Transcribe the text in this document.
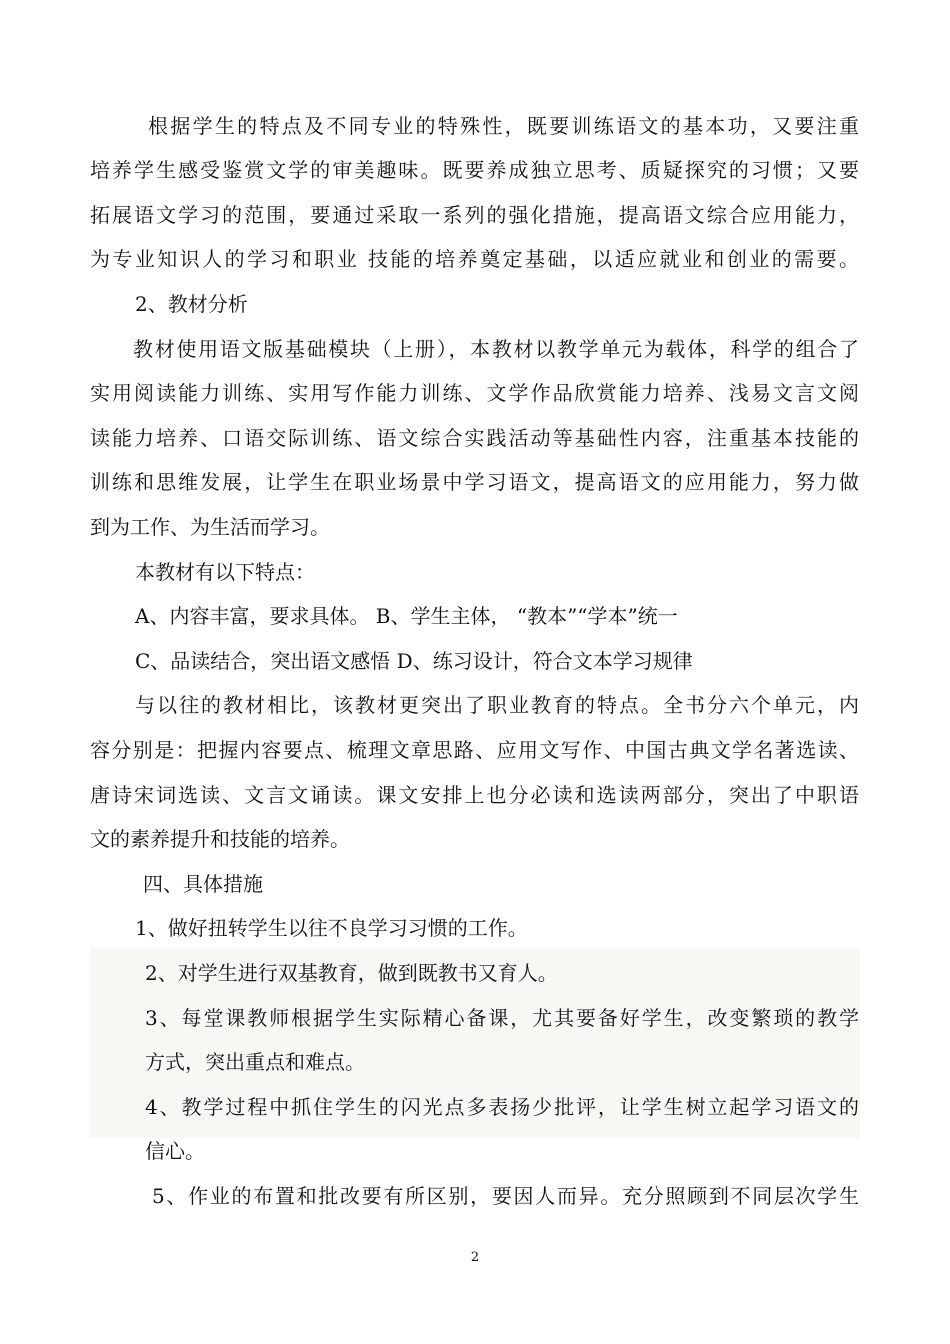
根据学生的特点及不同专业的特殊性，既要训练语文的基本功，又要注重
培养学生感受鉴赏文学的审美趣味。既要养成独立思考、质疑探究的习惯；又要
拓展语文学习的范围，要通过采取一系列的强化措施，提高语文综合应用能力，
为专业知识人的学习和职业 技能的培养奠定基础，以适应就业和创业的需要。
2、教材分析
教材使用语文版基础模块（上册），本教材以教学单元为载体，科学的组合了
实用阅读能力训练、实用写作能力训练、文学作品欣赏能力培养、浅易文言文阅
读能力培养、口语交际训练、语文综合实践活动等基础性内容，注重基本技能的
训练和思维发展，让学生在职业场景中学习语文，提高语文的应用能力，努力做
到为工作、为生活而学习。
本教材有以下特点：
A、内容丰富，要求具体。 B、学生主体， “教本”“学本”统一
C、品读结合，突出语文感悟 D、练习设计，符合文本学习规律
与以往的教材相比，该教材更突出了职业教育的特点。全书分六个单元，内
容分别是：把握内容要点、梳理文章思路、应用文写作、中国古典文学名著选读、
唐诗宋词选读、文言文诵读。课文安排上也分必读和选读两部分，突出了中职语
文的素养提升和技能的培养。
四、具体措施
1、做好扭转学生以往不良学习习惯的工作。
2、对学生进行双基教育，做到既教书又育人。
3、每堂课教师根据学生实际精心备课，尤其要备好学生，改变繁琐的教学
方式，突出重点和难点。
4、教学过程中抓住学生的闪光点多表扬少批评，让学生树立起学习语文的
信心。
5、作业的布置和批改要有所区别，要因人而异。充分照顾到不同层次学生
2
